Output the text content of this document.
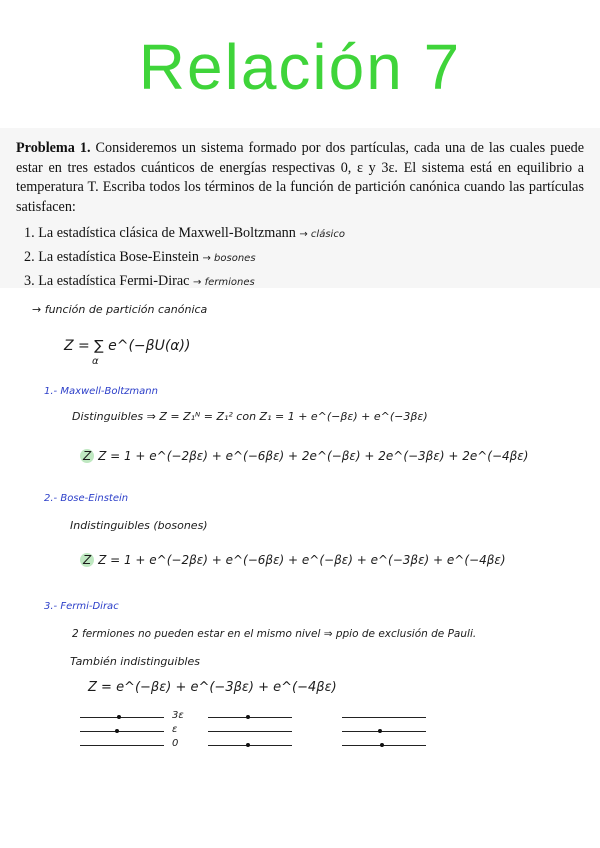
Relación 7
Problema 1. Consideremos un sistema formado por dos partículas, cada una de las cuales puede estar en tres estados cuánticos de energías respectivas 0, ε y 3ε. El sistema está en equilibrio a temperatura T. Escriba todos los términos de la función de partición canónica cuando las partículas satisfacen:
1. La estadística clásica de Maxwell-Boltzmann → clásico
2. La estadística Bose-Einstein → bosones
3. La estadística Fermi-Dirac → fermiones
→ función de partición canónica
Z = ∑ e^(−βU(α))
α
1.- Maxwell-Boltzmann
Distinguibles ⇒ Z = Z₁ᴺ = Z₁² con Z₁ = 1 + e^(−βε) + e^(−3βε)
Z Z = 1 + e^(−2βε) + e^(−6βε) + 2e^(−βε) + 2e^(−3βε) + 2e^(−4βε)
2.- Bose-Einstein
Indistinguibles (bosones)
Z Z = 1 + e^(−2βε) + e^(−6βε) + e^(−βε) + e^(−3βε) + e^(−4βε)
3.- Fermi-Dirac
2 fermiones no pueden estar en el mismo nivel ⇒ ppio de exclusión de Pauli.
También indistinguibles
Z = e^(−βε) + e^(−3βε) + e^(−4βε)
3ε
ε
0
